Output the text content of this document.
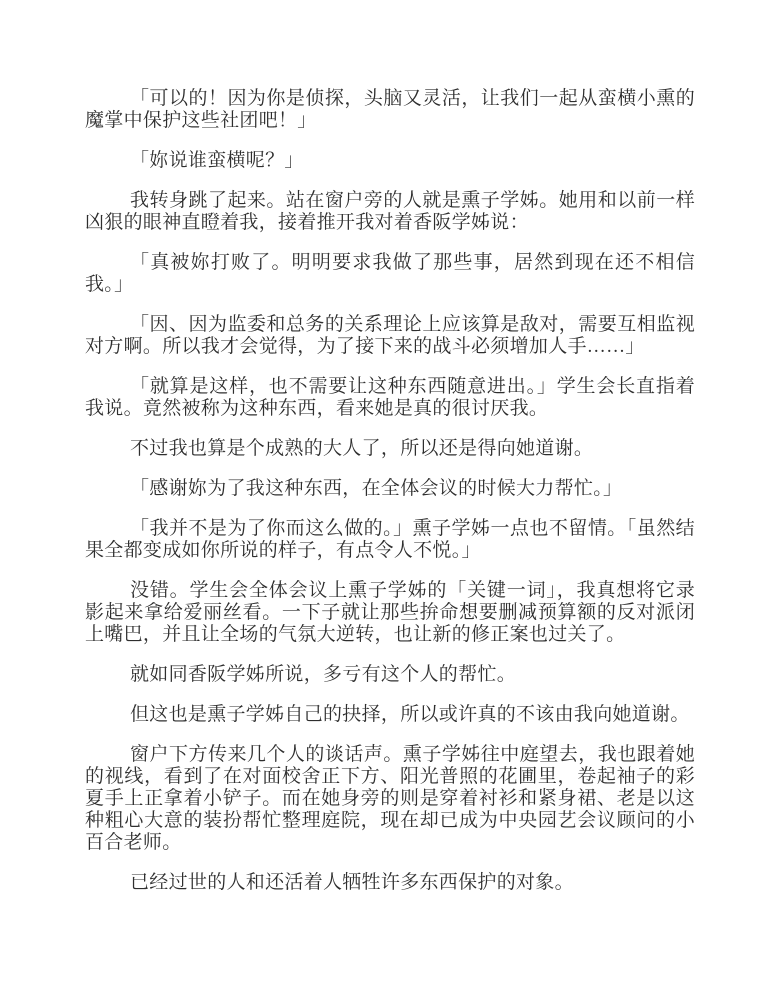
「可以的！因为你是侦探，头脑又灵活，让我们一起从蛮横小熏的魔掌中保护这些社团吧！」

「妳说谁蛮横呢？」

我转身跳了起来。站在窗户旁的人就是熏子学姊。她用和以前一样凶狠的眼神直瞪着我，接着推开我对着香阪学姊说：

「真被妳打败了。明明要求我做了那些事，居然到现在还不相信我。」

「因、因为监委和总务的关系理论上应该算是敌对，需要互相监视对方啊。所以我才会觉得，为了接下来的战斗必须增加人手……」

「就算是这样，也不需要让这种东西随意进出。」学生会长直指着我说。竟然被称为这种东西，看来她是真的很讨厌我。

不过我也算是个成熟的大人了，所以还是得向她道谢。

「感谢妳为了我这种东西，在全体会议的时候大力帮忙。」

「我并不是为了你而这么做的。」熏子学姊一点也不留情。「虽然结果全都变成如你所说的样子，有点令人不悦。」

没错。学生会全体会议上熏子学姊的「关键一词」，我真想将它录影起来拿给爱丽丝看。一下子就让那些拚命想要删减预算额的反对派闭上嘴巴，并且让全场的气氛大逆转，也让新的修正案也过关了。

就如同香阪学姊所说，多亏有这个人的帮忙。

但这也是熏子学姊自己的抉择，所以或许真的不该由我向她道谢。

窗户下方传来几个人的谈话声。熏子学姊往中庭望去，我也跟着她的视线，看到了在对面校舍正下方、阳光普照的花圃里，卷起袖子的彩夏手上正拿着小铲子。而在她身旁的则是穿着衬衫和紧身裙、老是以这种粗心大意的装扮帮忙整理庭院，现在却已成为中央园艺会议顾问的小百合老师。

已经过世的人和还活着人牺牲许多东西保护的对象。
